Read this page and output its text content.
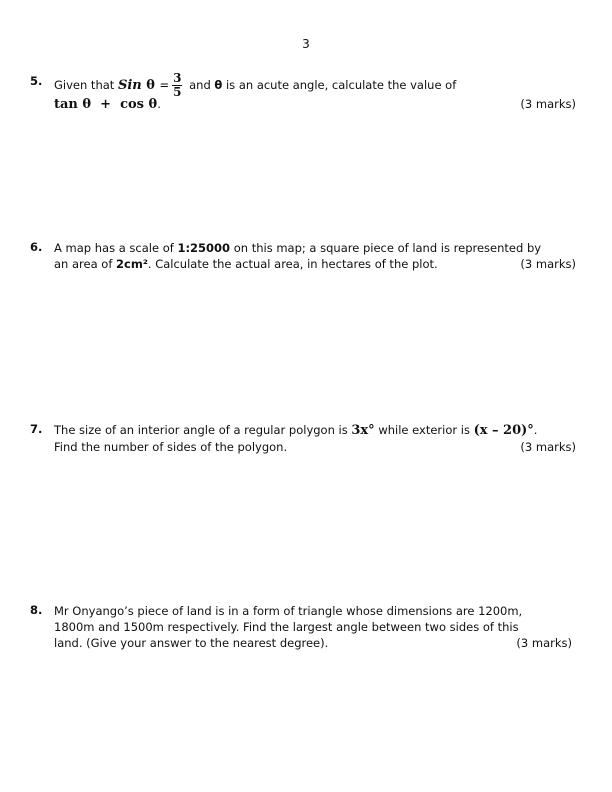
3
5. Given that Sin $\theta = \frac{3}{5}$ and θ is an acute angle, calculate the value of
tan θ  +  cos θ.	(3 marks)
6. A map has a scale of 1:25000 on this map; a square piece of land is represented by
an area of 2cm². Calculate the actual area, in hectares of the plot.	(3 marks)
7. The size of an interior angle of a regular polygon is 3x° while exterior is (x – 20)°.
Find the number of sides of the polygon.	(3 marks)
8. Mr Onyango’s piece of land is in a form of triangle whose dimensions are 1200m,
1800m and 1500m respectively. Find the largest angle between two sides of this
land. (Give your answer to the nearest degree).	(3 marks)
